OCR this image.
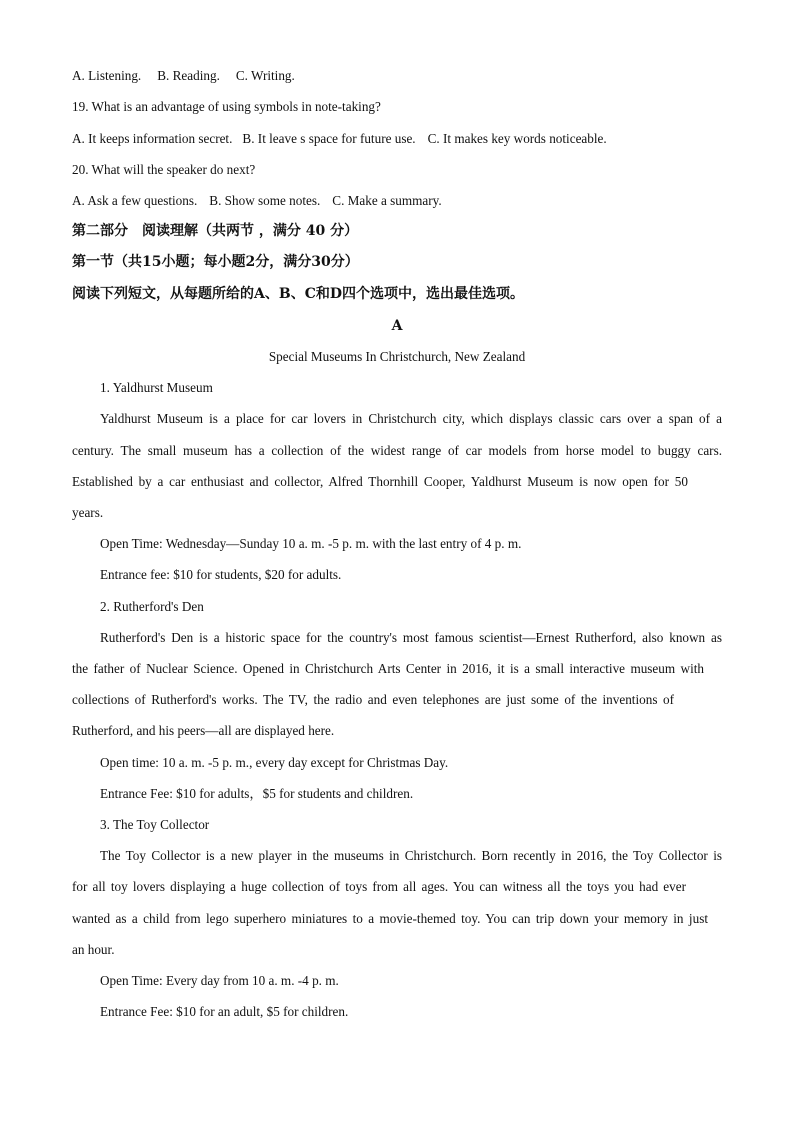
A. Listening. B. Reading. C. Writing.
19. What is an advantage of using symbols in note-taking?
A. It keeps information secret. B. It leave s space for future use. C. It makes key words noticeable.
20. What will the speaker do next?
A. Ask a few questions. B. Show some notes. C. Make a summary.
第二部分　阅读理解（共两节 ，满分 40 分）
第一节（共15小题；每小题2分，满分30分）
阅读下列短文，从每题所给的A、B、C和D四个选项中，选出最佳选项。
A
Special Museums In Christchurch, New Zealand
1. Yaldhurst Museum
Yaldhurst Museum is a place for car lovers in Christchurch city, which displays classic cars over a span of a
century. The small museum has a collection of the widest range of car models from horse model to buggy cars.
Established by a car enthusiast and collector, Alfred Thornhill Cooper, Yaldhurst Museum is now open for 50
years.
Open Time: Wednesday—Sunday 10 a. m. -5 p. m. with the last entry of 4 p. m.
Entrance fee: $10 for students, $20 for adults.
2. Rutherford's Den
Rutherford's Den is a historic space for the country's most famous scientist—Ernest Rutherford, also known as
the father of Nuclear Science. Opened in Christchurch Arts Center in 2016, it is a small interactive museum with
collections of Rutherford's works. The TV, the radio and even telephones are just some of the inventions of
Rutherford, and his peers—all are displayed here.
Open time: 10 a. m. -5 p. m., every day except for Christmas Day.
Entrance Fee: $10 for adults，$5 for students and children.
3. The Toy Collector
The Toy Collector is a new player in the museums in Christchurch. Born recently in 2016, the Toy Collector is
for all toy lovers displaying a huge collection of toys from all ages. You can witness all the toys you had ever
wanted as a child from lego superhero miniatures to a movie-themed toy. You can trip down your memory in just
an hour.
Open Time: Every day from 10 a. m. -4 p. m.
Entrance Fee: $10 for an adult, $5 for children.
